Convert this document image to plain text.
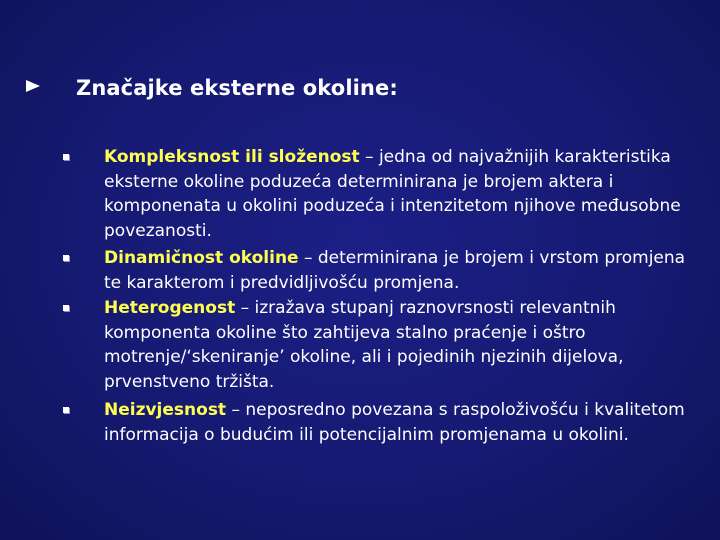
Značajke eksterne okoline:
Kompleksnost ili složenost – jedna od najvažnijih karakteristika eksterne okoline poduzeća determinirana je brojem aktera i komponenata u okolini poduzeća i intenzitetom njihove međusobne povezanosti.
Dinamičnost okoline – determinirana je brojem i vrstom promjena te karakterom i predvidljivošću promjena.
Heterogenost – izražava stupanj raznovrsnosti relevantnih komponenta okoline što zahtijeva stalno praćenje i oštro motrenje/‘skeniranje’ okoline, ali i pojedinih njezinih dijelova, prvenstveno tržišta.
Neizvjesnost – neposredno povezana s raspoloživošću i kvalitetom informacija o budućim ili potencijalnim promjenama u okolini.
